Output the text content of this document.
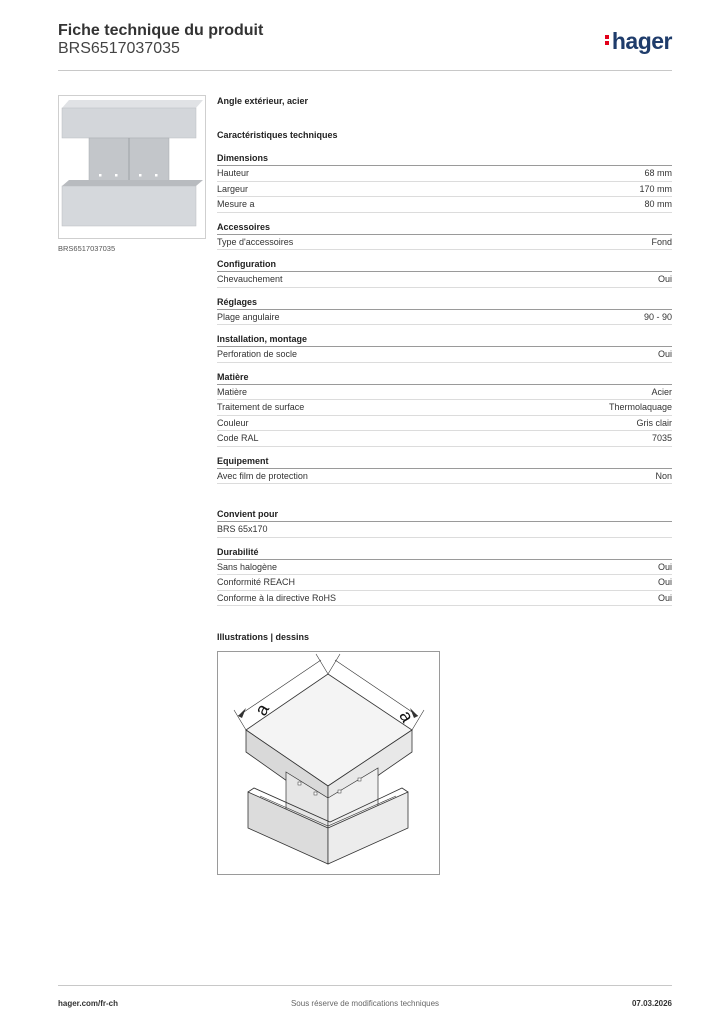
Fiche technique du produit
BRS6517037035	hager
BRS6517037035
Angle extérieur, acier
Caractéristiques techniques
Dimensions
Hauteur	68 mm
Largeur	170 mm
Mesure a	80 mm
Accessoires
Type d'accessoires	Fond
Configuration
Chevauchement	Oui
Réglages
Plage angulaire	90 - 90
Installation, montage
Perforation de socle	Oui
Matière
Matière	Acier
Traitement de surface	Thermolaquage
Couleur	Gris clair
Code RAL	7035
Equipement
Avec film de protection	Non
Convient pour
BRS 65x170
Durabilité
Sans halogène	Oui
Conformité REACH	Oui
Conforme à la directive RoHS	Oui
Illustrations | dessins
a	a
hager.com/fr-ch	Sous réserve de modifications techniques	07.03.2026
